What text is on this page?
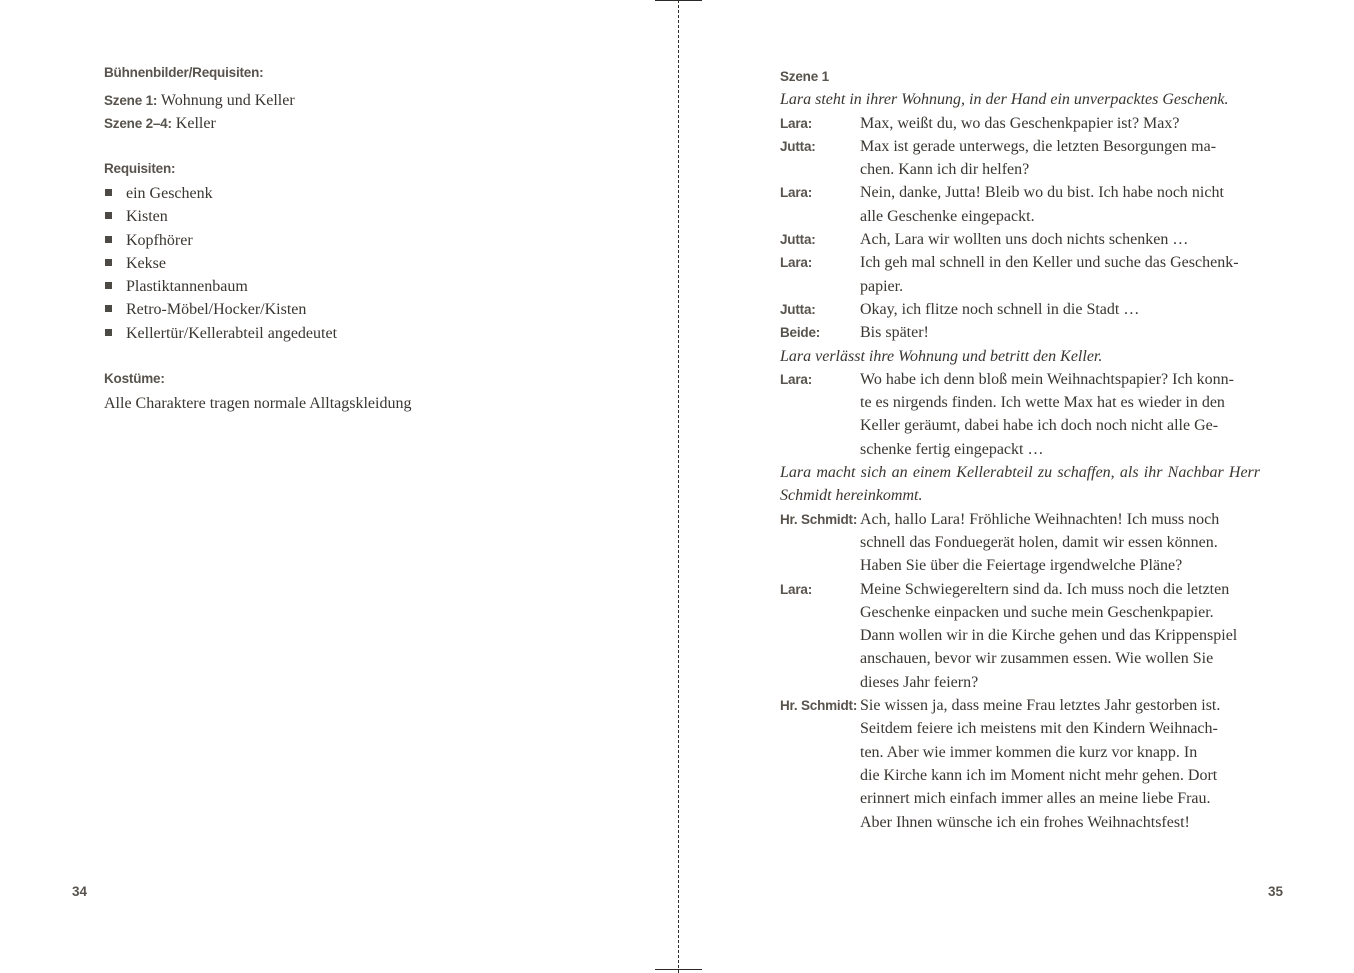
Bühnenbilder/Requisiten:
Szene 1: Wohnung und Keller
Szene 2–4: Keller
Requisiten:
ein Geschenk
Kisten
Kopfhörer
Kekse
Plastiktannenbaum
Retro-Möbel/Hocker/Kisten
Kellertür/Kellerabteil angedeutet
Kostüme:
Alle Charaktere tragen normale Alltagskleidung
34
Szene 1
Lara steht in ihrer Wohnung, in der Hand ein unverpacktes Geschenk.
Lara:	Max, weißt du, wo das Geschenkpapier ist? Max?
Jutta:	Max ist gerade unterwegs, die letzten Besorgungen ma-
chen. Kann ich dir helfen?
Lara:	Nein, danke, Jutta! Bleib wo du bist. Ich habe noch nicht
alle Geschenke eingepackt.
Jutta:	Ach, Lara wir wollten uns doch nichts schenken …
Lara:	Ich geh mal schnell in den Keller und suche das Geschenk-
papier.
Jutta:	Okay, ich flitze noch schnell in die Stadt …
Beide:	Bis später!
Lara verlässt ihre Wohnung und betritt den Keller.
Lara:	Wo habe ich denn bloß mein Weihnachtspapier? Ich konn-
te es nirgends finden. Ich wette Max hat es wieder in den
Keller geräumt, dabei habe ich doch noch nicht alle Ge-
schenke fertig eingepackt …
Lara macht sich an einem Kellerabteil zu schaffen, als ihr Nachbar Herr
Schmidt hereinkommt.
Hr. Schmidt: Ach, hallo Lara! Fröhliche Weihnachten! Ich muss noch
schnell das Fonduegerät holen, damit wir essen können.
Haben Sie über die Feiertage irgendwelche Pläne?
Lara:	Meine Schwiegereltern sind da. Ich muss noch die letzten
Geschenke einpacken und suche mein Geschenkpapier.
Dann wollen wir in die Kirche gehen und das Krippenspiel
anschauen, bevor wir zusammen essen. Wie wollen Sie
dieses Jahr feiern?
Hr. Schmidt: Sie wissen ja, dass meine Frau letztes Jahr gestorben ist.
Seitdem feiere ich meistens mit den Kindern Weihnach-
ten. Aber wie immer kommen die kurz vor knapp. In
die Kirche kann ich im Moment nicht mehr gehen. Dort
erinnert mich einfach immer alles an meine liebe Frau.
Aber Ihnen wünsche ich ein frohes Weihnachtsfest!
35
